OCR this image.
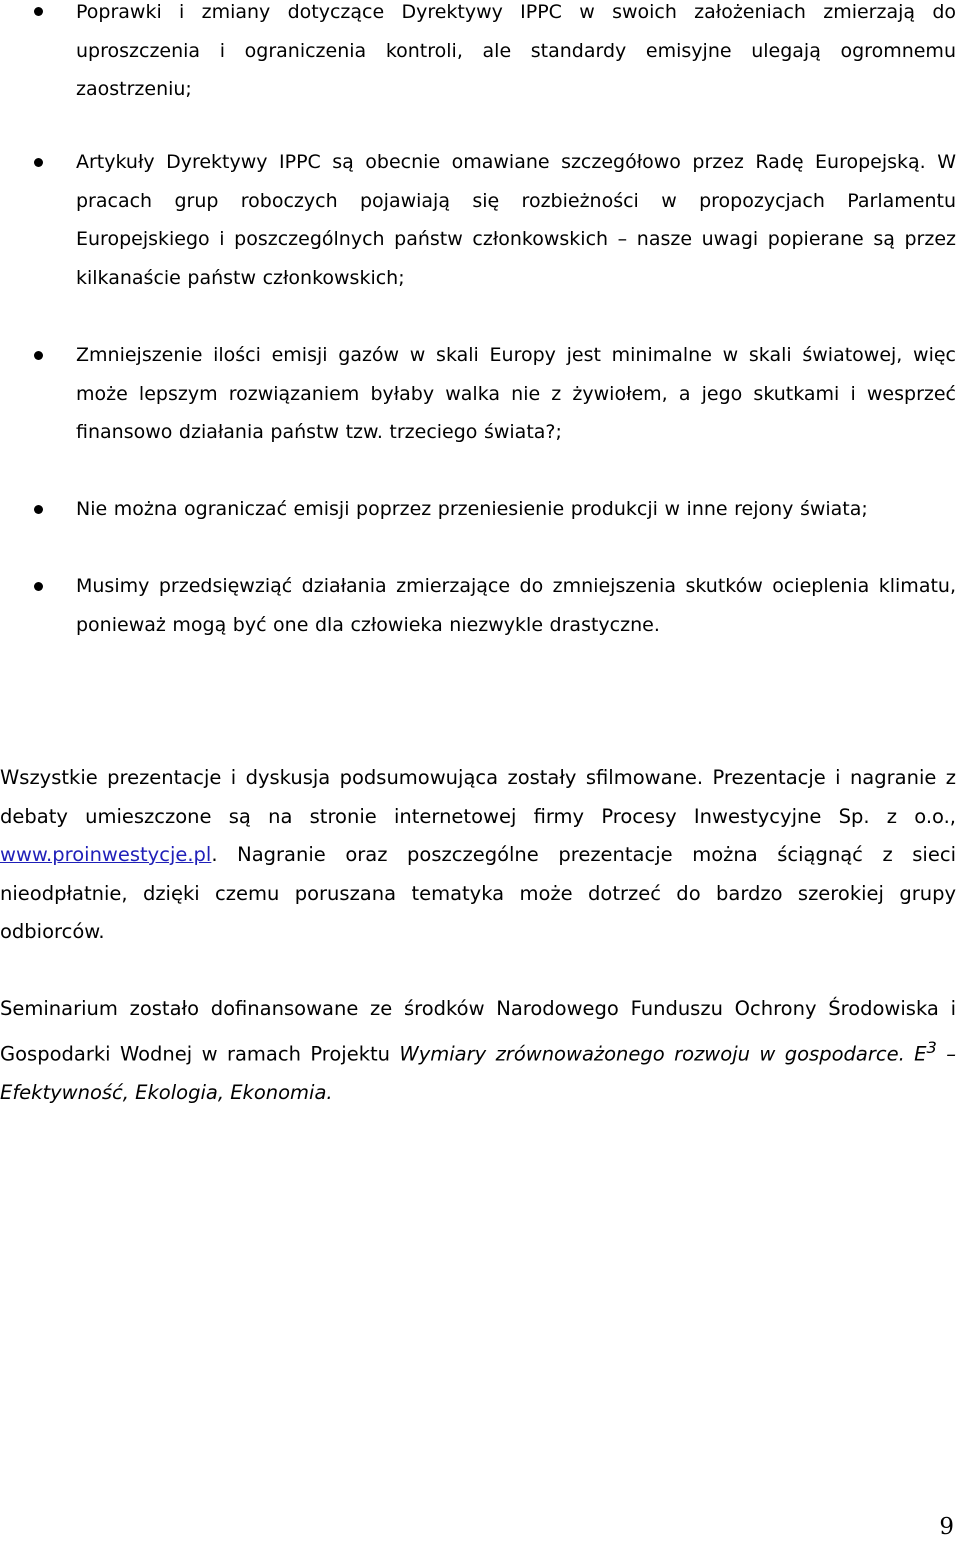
Poprawki i zmiany dotyczące Dyrektywy IPPC w swoich założeniach zmierzają do uproszczenia i ograniczenia kontroli, ale standardy emisyjne ulegają ogromnemu zaostrzeniu;

Artykuły Dyrektywy IPPC są obecnie omawiane szczegółowo przez Radę Europejską. W pracach grup roboczych pojawiają się rozbieżności w propozycjach Parlamentu Europejskiego i poszczególnych państw członkowskich – nasze uwagi popierane są przez kilkanaście państw członkowskich;

Zmniejszenie ilości emisji gazów w skali Europy jest minimalne w skali światowej, więc może lepszym rozwiązaniem byłaby walka nie z żywiołem, a jego skutkami i wesprzeć finansowo działania państw tzw. trzeciego świata?;

Nie można ograniczać emisji poprzez przeniesienie produkcji w inne rejony świata;

Musimy przedsięwziąć działania zmierzające do zmniejszenia skutków ocieplenia klimatu, ponieważ mogą być one dla człowieka niezwykle drastyczne.

Wszystkie prezentacje i dyskusja podsumowująca zostały sfilmowane. Prezentacje i nagranie z debaty umieszczone są na stronie internetowej firmy Procesy Inwestycyjne Sp. z o.o., www.proinwestycje.pl. Nagranie oraz poszczególne prezentacje można ściągnąć z sieci nieodpłatnie, dzięki czemu poruszana tematyka może dotrzeć do bardzo szerokiej grupy odbiorców.

Seminarium zostało dofinansowane ze środków Narodowego Funduszu Ochrony Środowiska i Gospodarki Wodnej w ramach Projektu Wymiary zrównoważonego rozwoju w gospodarce. $E^3$ – Efektywność, Ekologia, Ekonomia.

9
